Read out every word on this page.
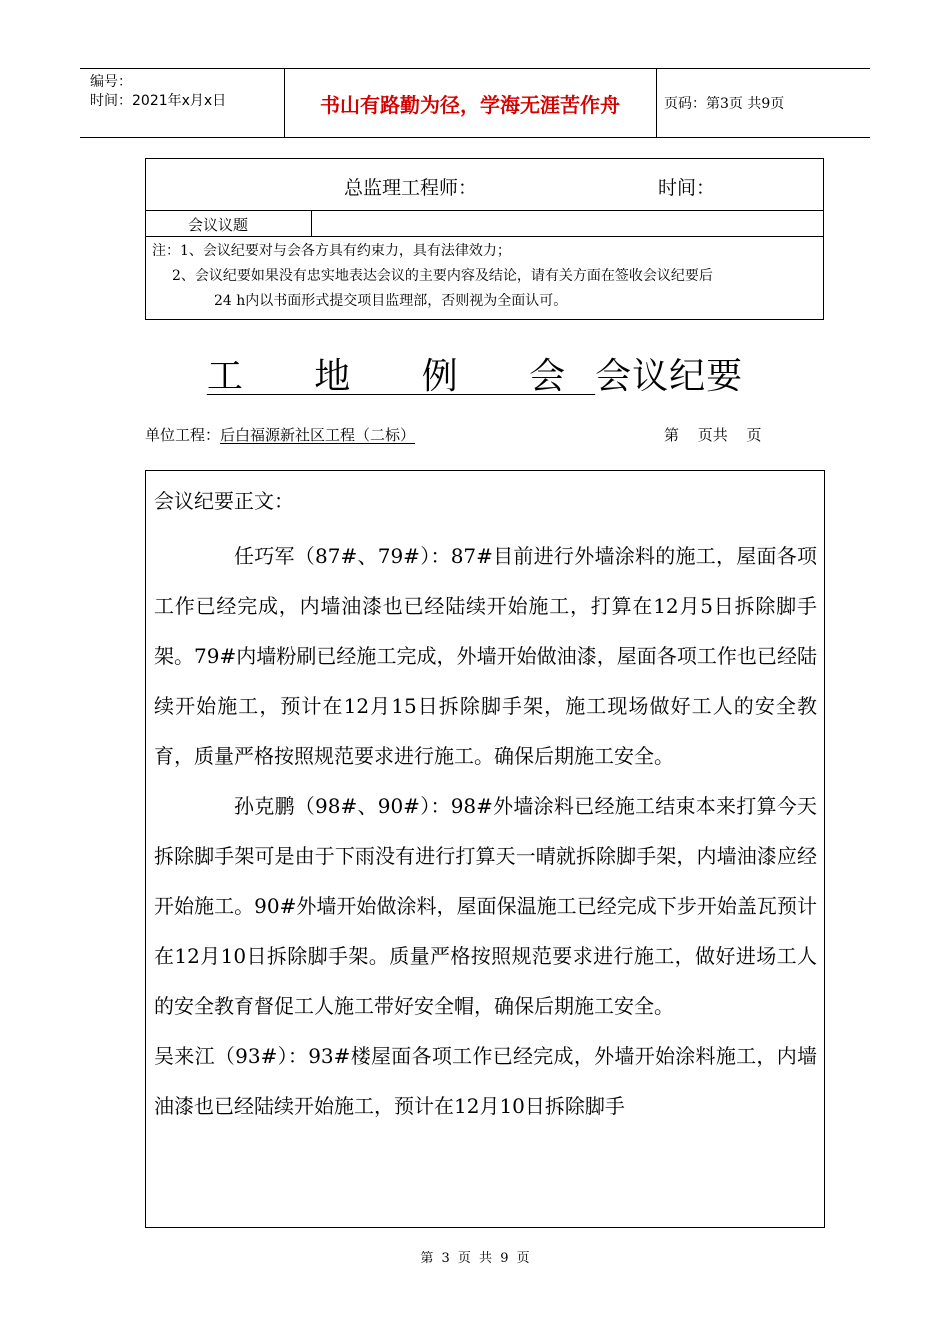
编号：
时间：2021年x月x日	书山有路勤为径，学海无涯苦作舟	页码：第3页 共9页
总监理工程师：	时间：
会议议题
注：1、会议纪要对与会各方具有约束力，具有法律效力；
2、会议纪要如果没有忠实地表达会议的主要内容及结论，请有关方面在签收会议纪要后
24 h内以书面形式提交项目监理部，否则视为全面认可。
工 地 例 会会议纪要
单位工程：后白福源新社区工程（二标）	第 页共 页
会议纪要正文：

任巧军（87#、79#）：87#目前进行外墙涂料的施工，屋面各项工作已经完成，内墙油漆也已经陆续开始施工，打算在12月5日拆除脚手架。79#内墙粉刷已经施工完成，外墙开始做油漆，屋面各项工作也已经陆续开始施工，预计在12月15日拆除脚手架，施工现场做好工人的安全教育，质量严格按照规范要求进行施工。确保后期施工安全。

孙克鹏（98#、90#）：98#外墙涂料已经施工结束本来打算今天拆除脚手架可是由于下雨没有进行打算天一晴就拆除脚手架，内墙油漆应经开始施工。90#外墙开始做涂料，屋面保温施工已经完成下步开始盖瓦预计在12月10日拆除脚手架。质量严格按照规范要求进行施工，做好进场工人的安全教育督促工人施工带好安全帽，确保后期施工安全。

吴来江（93#）：93#楼屋面各项工作已经完成，外墙开始涂料施工，内墙油漆也已经陆续开始施工，预计在12月10日拆除脚手

第 3 页 共 9 页
